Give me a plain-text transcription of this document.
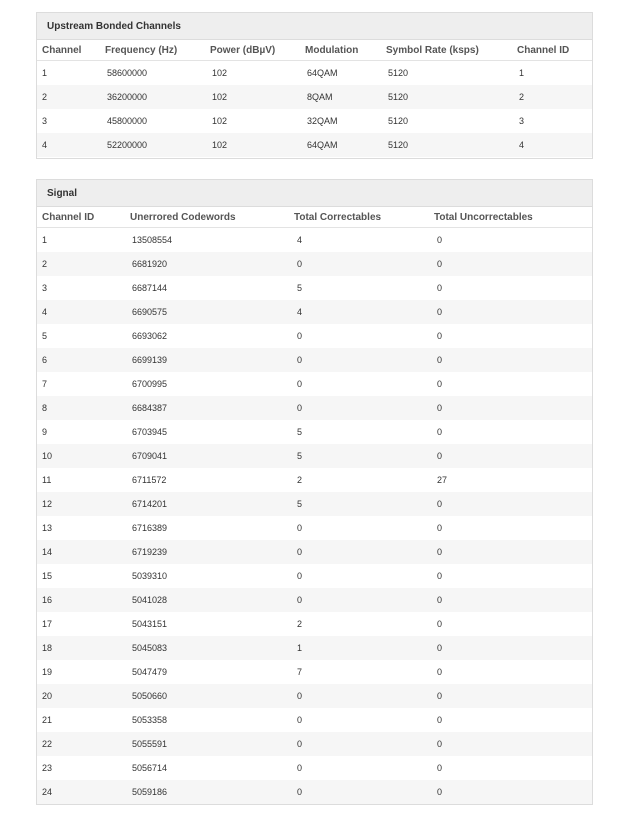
Upstream Bonded Channels
Channel	Frequency (Hz)	Power (dBµV)	Modulation	Symbol Rate (ksps)	Channel ID
1	58600000	102	64QAM	5120	1
2	36200000	102	8QAM	5120	2
3	45800000	102	32QAM	5120	3
4	52200000	102	64QAM	5120	4
Signal
Channel ID	Unerrored Codewords	Total Correctables	Total Uncorrectables
1	13508554	4	0
2	6681920	0	0
3	6687144	5	0
4	6690575	4	0
5	6693062	0	0
6	6699139	0	0
7	6700995	0	0
8	6684387	0	0
9	6703945	5	0
10	6709041	5	0
11	6711572	2	27
12	6714201	5	0
13	6716389	0	0
14	6719239	0	0
15	5039310	0	0
16	5041028	0	0
17	5043151	2	0
18	5045083	1	0
19	5047479	7	0
20	5050660	0	0
21	5053358	0	0
22	5055591	0	0
23	5056714	0	0
24	5059186	0	0
